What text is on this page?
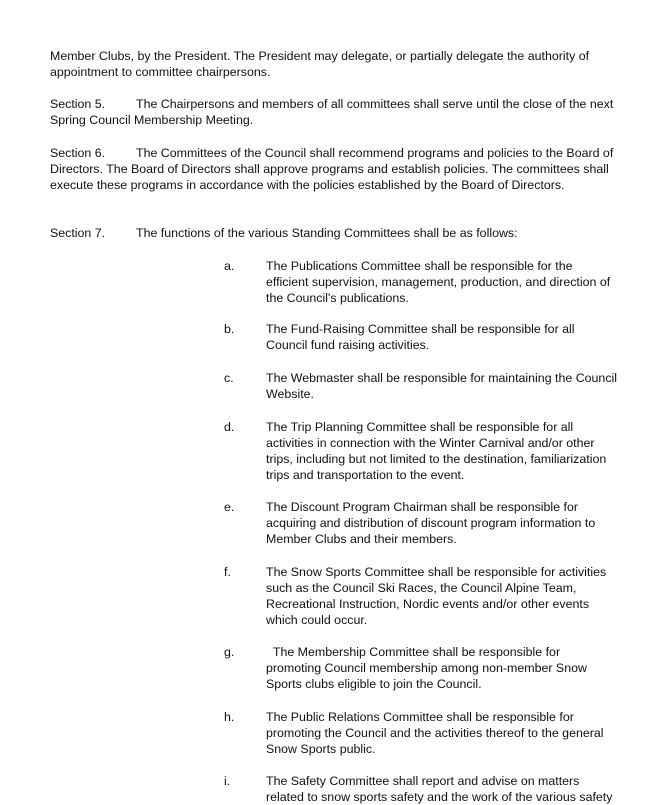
Member Clubs, by the President. The President may delegate, or partially delegate the authority of appointment to committee chairpersons.

Section 5. The Chairpersons and members of all committees shall serve until the close of the next Spring Council Membership Meeting.

Section 6. The Committees of the Council shall recommend programs and policies to the Board of Directors. The Board of Directors shall approve programs and establish policies. The committees shall execute these programs in accordance with the policies established by the Board of Directors.

Section 7. The functions of the various Standing Committees shall be as follows:

a.	The Publications Committee shall be responsible for the efficient supervision, management, production, and direction of the Council's publications.
b.	The Fund-Raising Committee shall be responsible for all Council fund raising activities.
c.	The Webmaster shall be responsible for maintaining the Council Website.
d.	The Trip Planning Committee shall be responsible for all activities in connection with the Winter Carnival and/or other trips, including but not limited to the destination, familiarization trips and transportation to the event.
e.	The Discount Program Chairman shall be responsible for acquiring and distribution of discount program information to Member Clubs and their members.
f.	The Snow Sports Committee shall be responsible for activities such as the Council Ski Races, the Council Alpine Team, Recreational Instruction, Nordic events and/or other events which could occur.
g.	The Membership Committee shall be responsible for promoting Council membership among non-member Snow Sports clubs eligible to join the Council.
h.	The Public Relations Committee shall be responsible for promoting the Council and the activities thereof to the general Snow Sports public.
i.	The Safety Committee shall report and advise on matters related to snow sports safety and the work of the various safety
